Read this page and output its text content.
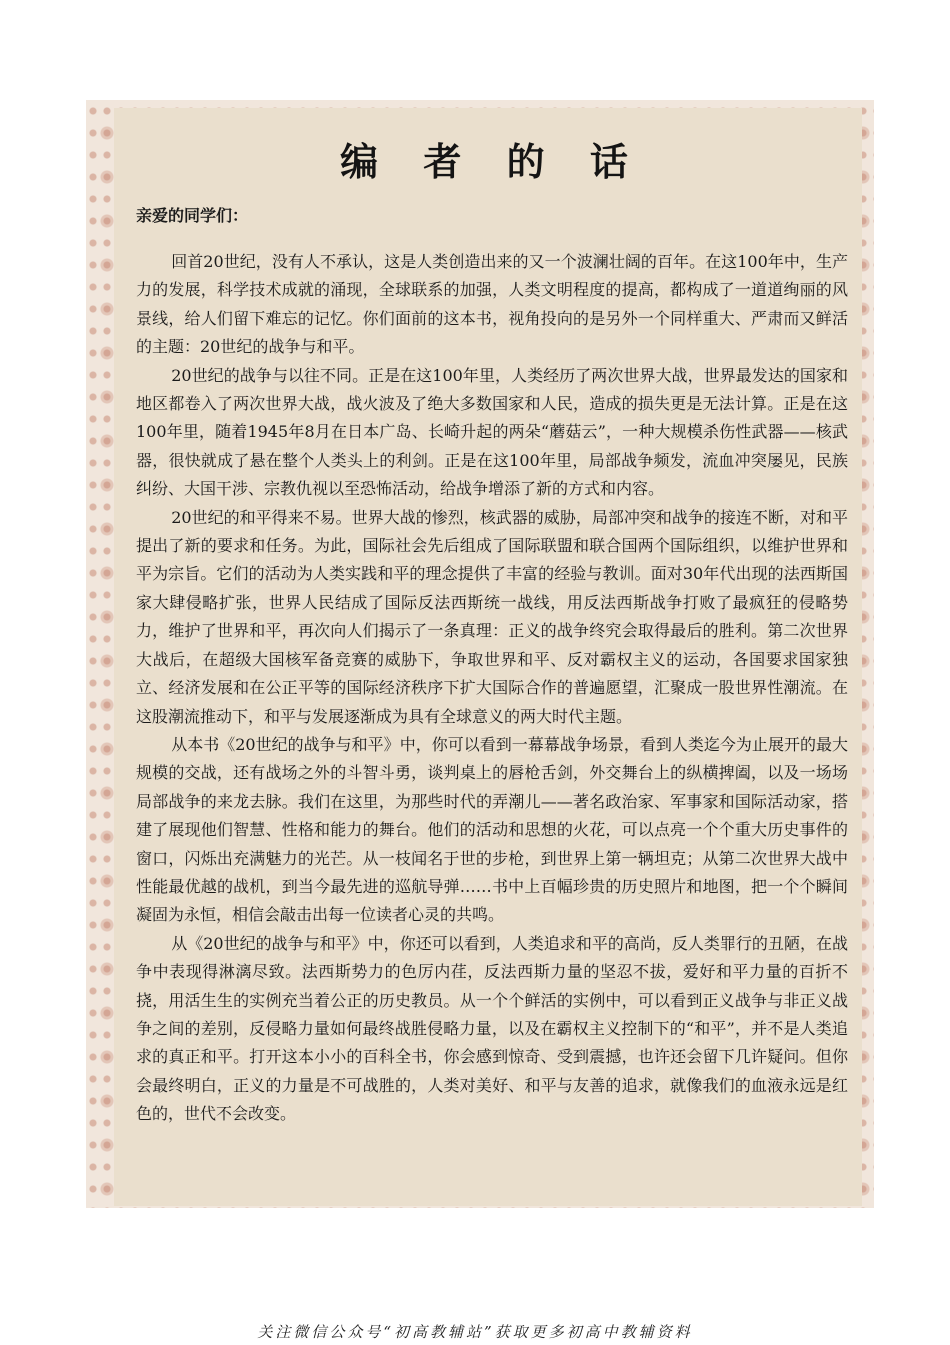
编 者 的 话
亲爱的同学们：

回首20世纪，没有人不承认，这是人类创造出来的又一个波澜壮阔的百年。在这100年中，生产力的发展，科学技术成就的涌现，全球联系的加强，人类文明程度的提高，都构成了一道道绚丽的风景线，给人们留下难忘的记忆。你们面前的这本书，视角投向的是另外一个同样重大、严肃而又鲜活的主题：20世纪的战争与和平。

20世纪的战争与以往不同。正是在这100年里，人类经历了两次世界大战，世界最发达的国家和地区都卷入了两次世界大战，战火波及了绝大多数国家和人民，造成的损失更是无法计算。正是在这100年里，随着1945年8月在日本广岛、长崎升起的两朵“蘑菇云”，一种大规模杀伤性武器——核武器，很快就成了悬在整个人类头上的利剑。正是在这100年里，局部战争频发，流血冲突屡见，民族纠纷、大国干涉、宗教仇视以至恐怖活动，给战争增添了新的方式和内容。

20世纪的和平得来不易。世界大战的惨烈，核武器的威胁，局部冲突和战争的接连不断，对和平提出了新的要求和任务。为此，国际社会先后组成了国际联盟和联合国两个国际组织，以维护世界和平为宗旨。它们的活动为人类实践和平的理念提供了丰富的经验与教训。面对30年代出现的法西斯国家大肆侵略扩张，世界人民结成了国际反法西斯统一战线，用反法西斯战争打败了最疯狂的侵略势力，维护了世界和平，再次向人们揭示了一条真理：正义的战争终究会取得最后的胜利。第二次世界大战后，在超级大国核军备竞赛的威胁下，争取世界和平、反对霸权主义的运动，各国要求国家独立、经济发展和在公正平等的国际经济秩序下扩大国际合作的普遍愿望，汇聚成一股世界性潮流。在这股潮流推动下，和平与发展逐渐成为具有全球意义的两大时代主题。

从本书《20世纪的战争与和平》中，你可以看到一幕幕战争场景，看到人类迄今为止展开的最大规模的交战，还有战场之外的斗智斗勇，谈判桌上的唇枪舌剑，外交舞台上的纵横捭阖，以及一场场局部战争的来龙去脉。我们在这里，为那些时代的弄潮儿——著名政治家、军事家和国际活动家，搭建了展现他们智慧、性格和能力的舞台。他们的活动和思想的火花，可以点亮一个个重大历史事件的窗口，闪烁出充满魅力的光芒。从一枝闻名于世的步枪，到世界上第一辆坦克；从第二次世界大战中性能最优越的战机，到当今最先进的巡航导弹……书中上百幅珍贵的历史照片和地图，把一个个瞬间凝固为永恒，相信会敲击出每一位读者心灵的共鸣。

从《20世纪的战争与和平》中，你还可以看到，人类追求和平的高尚，反人类罪行的丑陋，在战争中表现得淋漓尽致。法西斯势力的色厉内荏，反法西斯力量的坚忍不拔，爱好和平力量的百折不挠，用活生生的实例充当着公正的历史教员。从一个个鲜活的实例中，可以看到正义战争与非正义战争之间的差别，反侵略力量如何最终战胜侵略力量，以及在霸权主义控制下的“和平”，并不是人类追求的真正和平。打开这本小小的百科全书，你会感到惊奇、受到震撼，也许还会留下几许疑问。但你会最终明白，正义的力量是不可战胜的，人类对美好、和平与友善的追求，就像我们的血液永远是红色的，世代不会改变。

关注微信公众号“初高教辅站”获取更多初高中教辅资料
